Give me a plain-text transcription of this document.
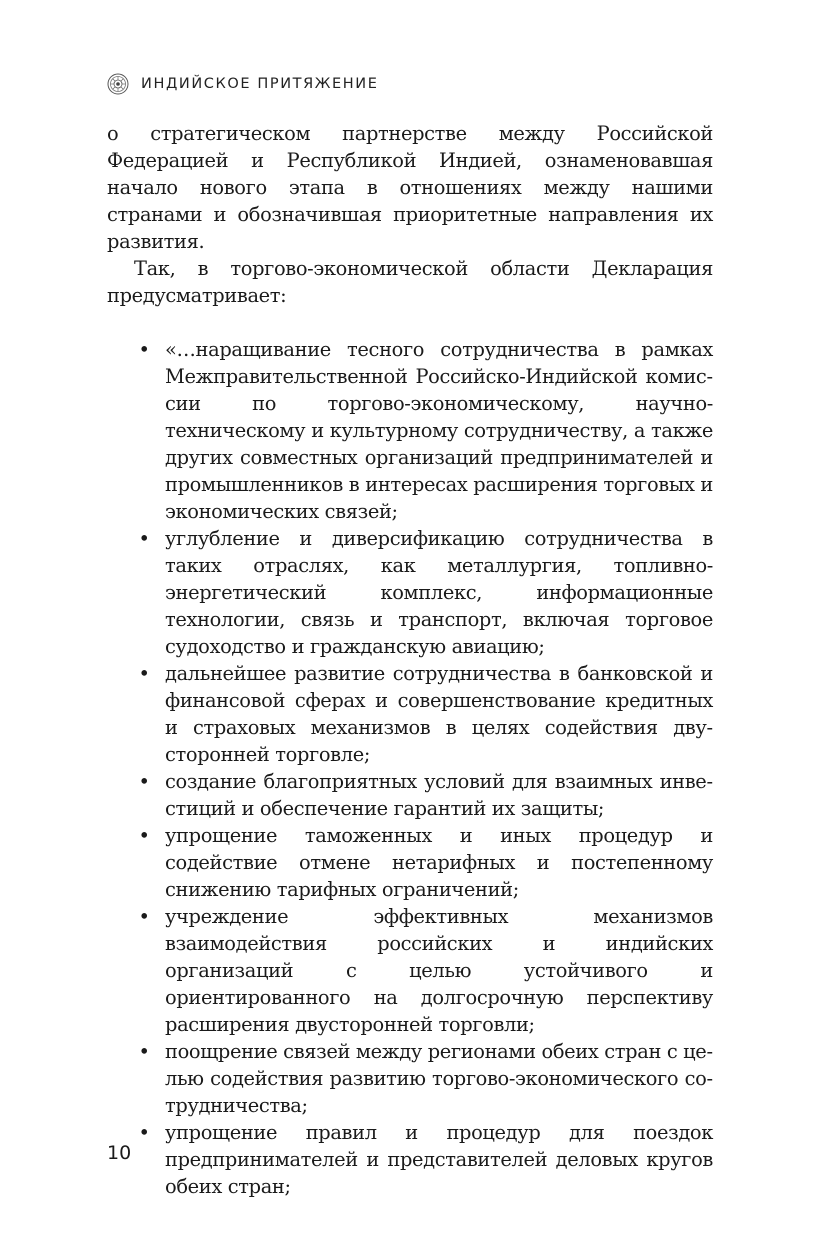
ИНДИЙСКОЕ ПРИТЯЖЕНИЕ

о стратегическом партнерстве между Российской Федерацией и Республикой Индией, ознаменовавшая начало нового этапа в отношениях между нашими странами и обозначившая приоритетные направления их развития.

Так, в торгово-экономической области Декларация предусматривает:

• «…наращивание тесного сотрудничества в рамках Межправительственной Российско-Индийской комиссии по торгово-экономическому, научно-техническому и культурному сотрудничеству, а также других совместных организаций предпринимателей и промышленников в интересах расширения торговых и экономических связей;
• углубление и диверсификацию сотрудничества в таких отраслях, как металлургия, топливно-энергетический комплекс, информационные технологии, связь и транспорт, включая торговое судоходство и гражданскую авиацию;
• дальнейшее развитие сотрудничества в банковской и финансовой сферах и совершенствование кредитных и страховых механизмов в целях содействия двусторонней торговле;
• создание благоприятных условий для взаимных инвестиций и обеспечение гарантий их защиты;
• упрощение таможенных и иных процедур и содействие отмене нетарифных и постепенному снижению тарифных ограничений;
• учреждение эффективных механизмов взаимодействия российских и индийских организаций с целью устойчивого и ориентированного на долгосрочную перспективу расширения двусторонней торговли;
• поощрение связей между регионами обеих стран с целью содействия развитию торгово-экономического сотрудничества;
• упрощение правил и процедур для поездок предпринимателей и представителей деловых кругов обеих стран;
10
